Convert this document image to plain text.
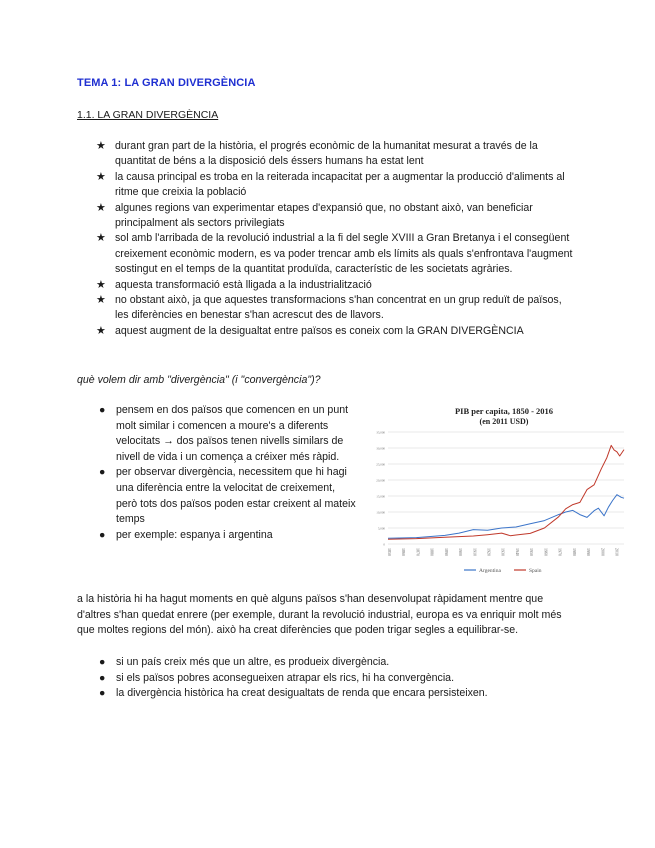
TEMA 1: LA GRAN DIVERGÈNCIA
1.1. LA GRAN DIVERGÈNCIA
★ durant gran part de la història, el progrés econòmic de la humanitat mesurat a través de la quantitat de béns a la disposició dels éssers humans ha estat lent
★ la causa principal es troba en la reiterada incapacitat per a augmentar la producció d'aliments al ritme que creixia la població
★ algunes regions van experimentar etapes d'expansió que, no obstant això, van beneficiar principalment als sectors privilegiats
★ sol amb l'arribada de la revolució industrial a la fi del segle XVIII a Gran Bretanya i el consegüent creixement econòmic modern, es va poder trencar amb els límits als quals s'enfrontava l'augment sostingut en el temps de la quantitat produïda, característic de les societats agràries.
★ aquesta transformació està lligada a la industrialització
★ no obstant això, ja que aquestes transformacions s'han concentrat en un grup reduït de països, les diferències en benestar s'han acrescut des de llavors.
★ aquest augment de la desigualtat entre països es coneix com la GRAN DIVERGÈNCIA
què volem dir amb "divergència" (i "convergència")?
● pensem en dos països que comencen en un punt molt similar i comencen a moure's a diferents velocitats → dos països tenen nivells similars de nivell de vida i un comença a créixer més ràpid.
● per observar divergència, necessitem que hi hagi una diferència entre la velocitat de creixement, però tots dos països poden estar creixent al mateix temps
● per exemple: espanya i argentina
PIB per capita, 1850 - 2016
(en 2011 USD)
0
5,000
10,000
15,000
20,000
25,000
30,000
35,000
1850 1860 1870 1880 1890 1900 1910 1920 1930 1940 1950 1960 1970 1980 1990 2000 2010
Argentina	Spain
a la història hi ha hagut moments en què alguns països s'han desenvolupat ràpidament mentre que d'altres s'han quedat enrere (per exemple, durant la revolució industrial, europa es va enriquir molt més que moltes regions del món). això ha creat diferències que poden trigar segles a equilibrar-se.
● si un país creix més que un altre, es produeix divergència.
● si els països pobres aconsegueixen atrapar els rics, hi ha convergència.
● la divergència històrica ha creat desigualtats de renda que encara persisteixen.
